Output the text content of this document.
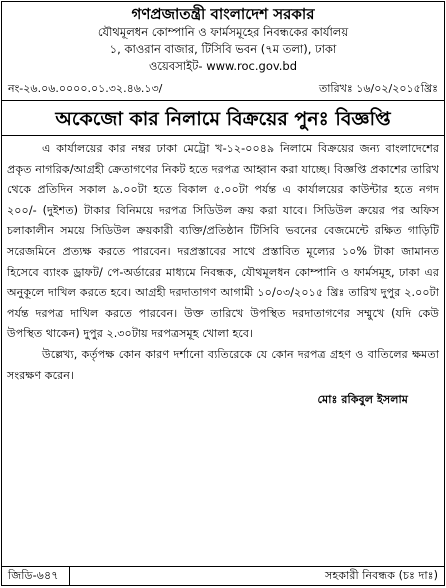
গণপ্রজাতন্ত্রী বাংলাদেশ সরকার
যৌথমূলধন কোম্পানি ও ফার্মসমূহের নিবন্ধকের কার্যালয়
১, কাওরান বাজার, টিসিবি ভবন (৭ম তলা), ঢাকা
ওয়েবসাইট- www.roc.gov.bd
নং-২৬.০৬.০০০০.০১.৩২.৪৬.১৩/	তারিখঃ ১৬/০২/২০১৫খ্রিঃ
অকেজো কার নিলামে বিক্রয়ের পুনঃ বিজ্ঞপ্তি

এ কার্যালয়ের কার নম্বর ঢাকা মেট্রো খ-১২-০০৪৯ নিলামে বিক্রয়ের জন্য বাংলাদেশের প্রকৃত নাগরিক/আগ্রহী ক্রেতাগণের নিকট হতে দরপত্র আহ্বান করা যাচ্ছে। বিজ্ঞপ্তি প্রকাশের তারিখ থেকে প্রতিদিন সকাল ৯.০০টা হতে বিকাল ৫.০০টা পর্যন্ত এ কার্যালয়ের কাউন্টার হতে নগদ ২০০/- (দুইশত) টাকার বিনিময়ে দরপত্র সিডিউল ক্রয় করা যাবে। সিডিউল ক্রয়ের পর অফিস চলাকালীন সময়ে সিডিউল ক্রয়কারী ব্যক্তি/প্রতিষ্ঠান টিসিবি ভবনের বেজমেন্টে রক্ষিত গাড়িটি সরেজমিনে প্রত্যক্ষ করতে পারবেন। দরপ্রস্তাবের সাথে প্রস্তাবিত মূল্যের ১০% টাকা জামানত হিসেবে ব্যাংক ড্রাফট/ পে-অর্ডারের মাধ্যমে নিবন্ধক, যৌথমূলধন কোম্পানি ও ফার্মসমূহ, ঢাকা এর অনুকূলে দাখিল করতে হবে। আগ্রহী দরদাতাগণ আগামী ১০/০৩/২০১৫ খ্রিঃ তারিখ দুপুর ২.০০টা পর্যন্ত দরপত্র দাখিল করতে পারবেন। উক্ত তারিখে উপস্থিত দরদাতাগণের সম্মুখে (যদি কেউ উপস্থিত থাকেন) দুপুর ২.৩০টায় দরপত্রসমূহ খোলা হবে।

উল্লেখ্য, কর্তৃপক্ষ কোন কারণ দর্শানো ব্যতিরেকে যে কোন দরপত্র গ্রহণ ও বাতিলের ক্ষমতা সংরক্ষণ করেন।

মোঃ রকিবুল ইসলাম
জিডি-৬৪৭	সহকারী নিবন্ধক (চঃ দাঃ)
